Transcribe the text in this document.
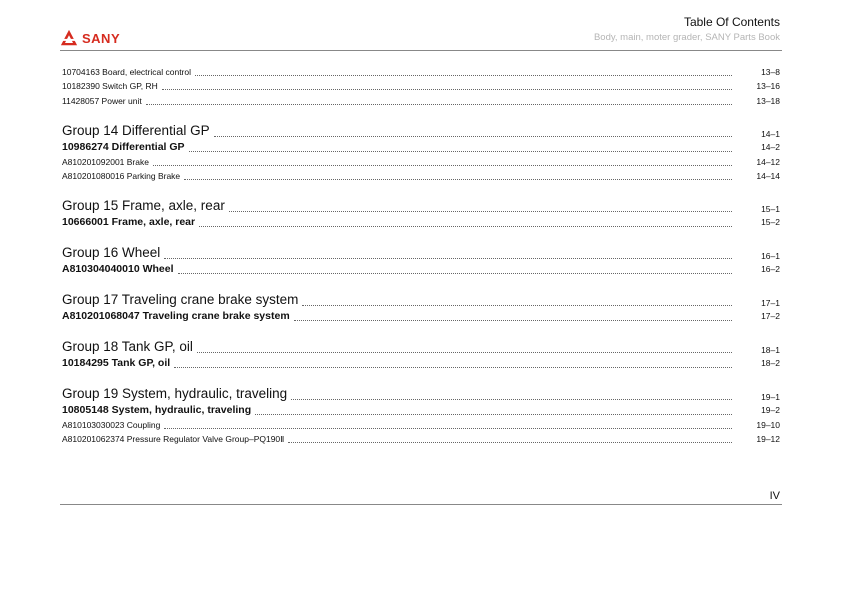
SANY
Table Of Contents
Body, main, moter grader, SANY Parts Book
10704163 Board, electrical control	13–8
10182390 Switch GP, RH	13–16
11428057 Power unit	13–18
Group 14 Differential GP	14–1
10986274 Differential GP	14–2
A810201092001 Brake	14–12
A810201080016 Parking Brake	14–14
Group 15 Frame, axle, rear	15–1
10666001 Frame, axle, rear	15–2
Group 16 Wheel	16–1
A810304040010 Wheel	16–2
Group 17 Traveling crane brake system	17–1
A810201068047 Traveling crane brake system	17–2
Group 18 Tank GP, oil	18–1
10184295 Tank GP, oil	18–2
Group 19 System, hydraulic, traveling	19–1
10805148 System, hydraulic, traveling	19–2
A810103030023 Coupling	19–10
A810201062374 Pressure Regulator Valve Group–PQ190Ⅱ	19–12
IV
